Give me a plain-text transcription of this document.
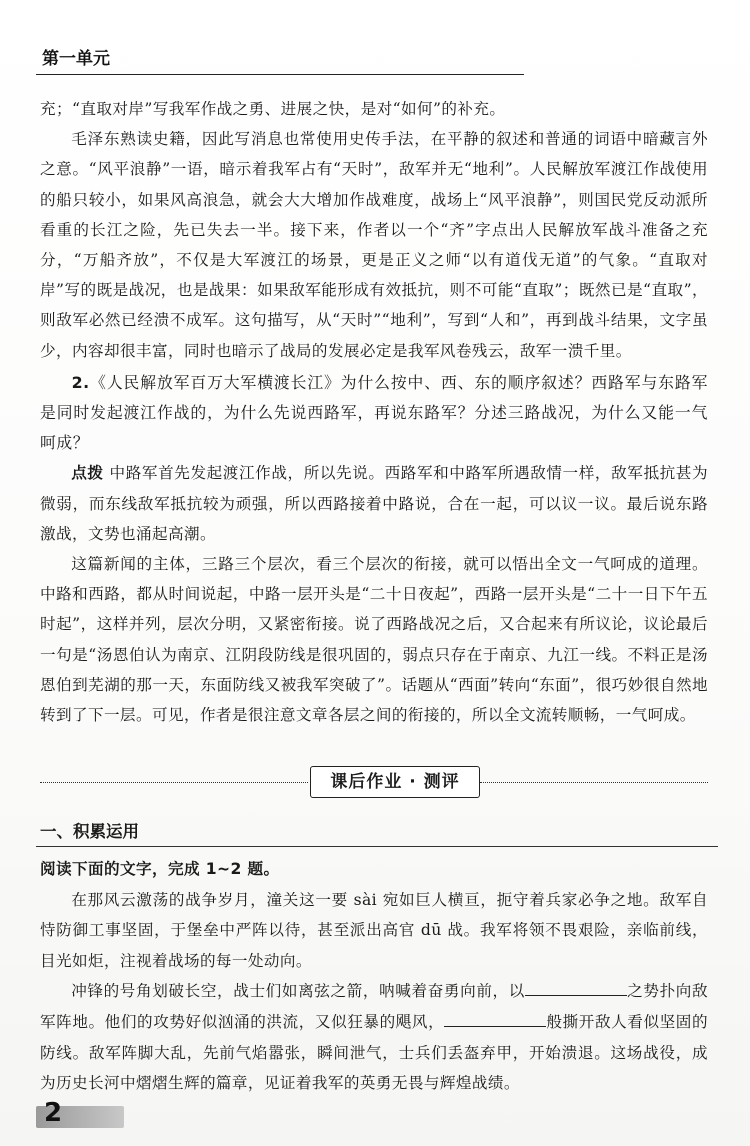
第一单元

充；“直取对岸”写我军作战之勇、进展之快，是对“如何”的补充。

毛泽东熟读史籍，因此写消息也常使用史传手法，在平静的叙述和普通的词语中暗藏言外之意。“风平浪静”一语，暗示着我军占有“天时”，敌军并无“地利”。人民解放军渡江作战使用的船只较小，如果风高浪急，就会大大增加作战难度，战场上“风平浪静”，则国民党反动派所看重的长江之险，先已失去一半。接下来，作者以一个“齐”字点出人民解放军战斗准备之充分，“万船齐放”，不仅是大军渡江的场景，更是正义之师“以有道伐无道”的气象。“直取对岸”写的既是战况，也是战果：如果敌军能形成有效抵抗，则不可能“直取”；既然已是“直取”，则敌军必然已经溃不成军。这句描写，从“天时”“地利”，写到“人和”，再到战斗结果，文字虽少，内容却很丰富，同时也暗示了战局的发展必定是我军风卷残云，敌军一溃千里。

2.《人民解放军百万大军横渡长江》为什么按中、西、东的顺序叙述？西路军与东路军是同时发起渡江作战的，为什么先说西路军，再说东路军？分述三路战况，为什么又能一气呵成？

点拨 中路军首先发起渡江作战，所以先说。西路军和中路军所遇敌情一样，敌军抵抗甚为微弱，而东线敌军抵抗较为顽强，所以西路接着中路说，合在一起，可以议一议。最后说东路激战，文势也涌起高潮。

这篇新闻的主体，三路三个层次，看三个层次的衔接，就可以悟出全文一气呵成的道理。中路和西路，都从时间说起，中路一层开头是“二十日夜起”，西路一层开头是“二十一日下午五时起”，这样并列，层次分明，又紧密衔接。说了西路战况之后，又合起来有所议论，议论最后一句是“汤恩伯认为南京、江阴段防线是很巩固的，弱点只存在于南京、九江一线。不料正是汤恩伯到芜湖的那一天，东面防线又被我军突破了”。话题从“西面”转向“东面”，很巧妙很自然地转到了下一层。可见，作者是很注意文章各层之间的衔接的，所以全文流转顺畅，一气呵成。

课后作业 · 测评
一、积累运用

阅读下面的文字，完成 1~2 题。

在那风云激荡的战争岁月，潼关这一要 sài 宛如巨人横亘，扼守着兵家必争之地。敌军自恃防御工事坚固，于堡垒中严阵以待，甚至派出高官 dū 战。我军将领不畏艰险，亲临前线，目光如炬，注视着战场的每一处动向。

冲锋的号角划破长空，战士们如离弦之箭，呐喊着奋勇向前，以	之势扑向敌军阵地。他们的攻势好似汹涌的洪流，又似狂暴的飓风，	般撕开敌人看似坚固的防线。敌军阵脚大乱，先前气焰嚣张，瞬间泄气，士兵们丢盔弃甲，开始溃退。这场战役，成为历史长河中熠熠生辉的篇章，见证着我军的英勇无畏与辉煌战绩。

2
